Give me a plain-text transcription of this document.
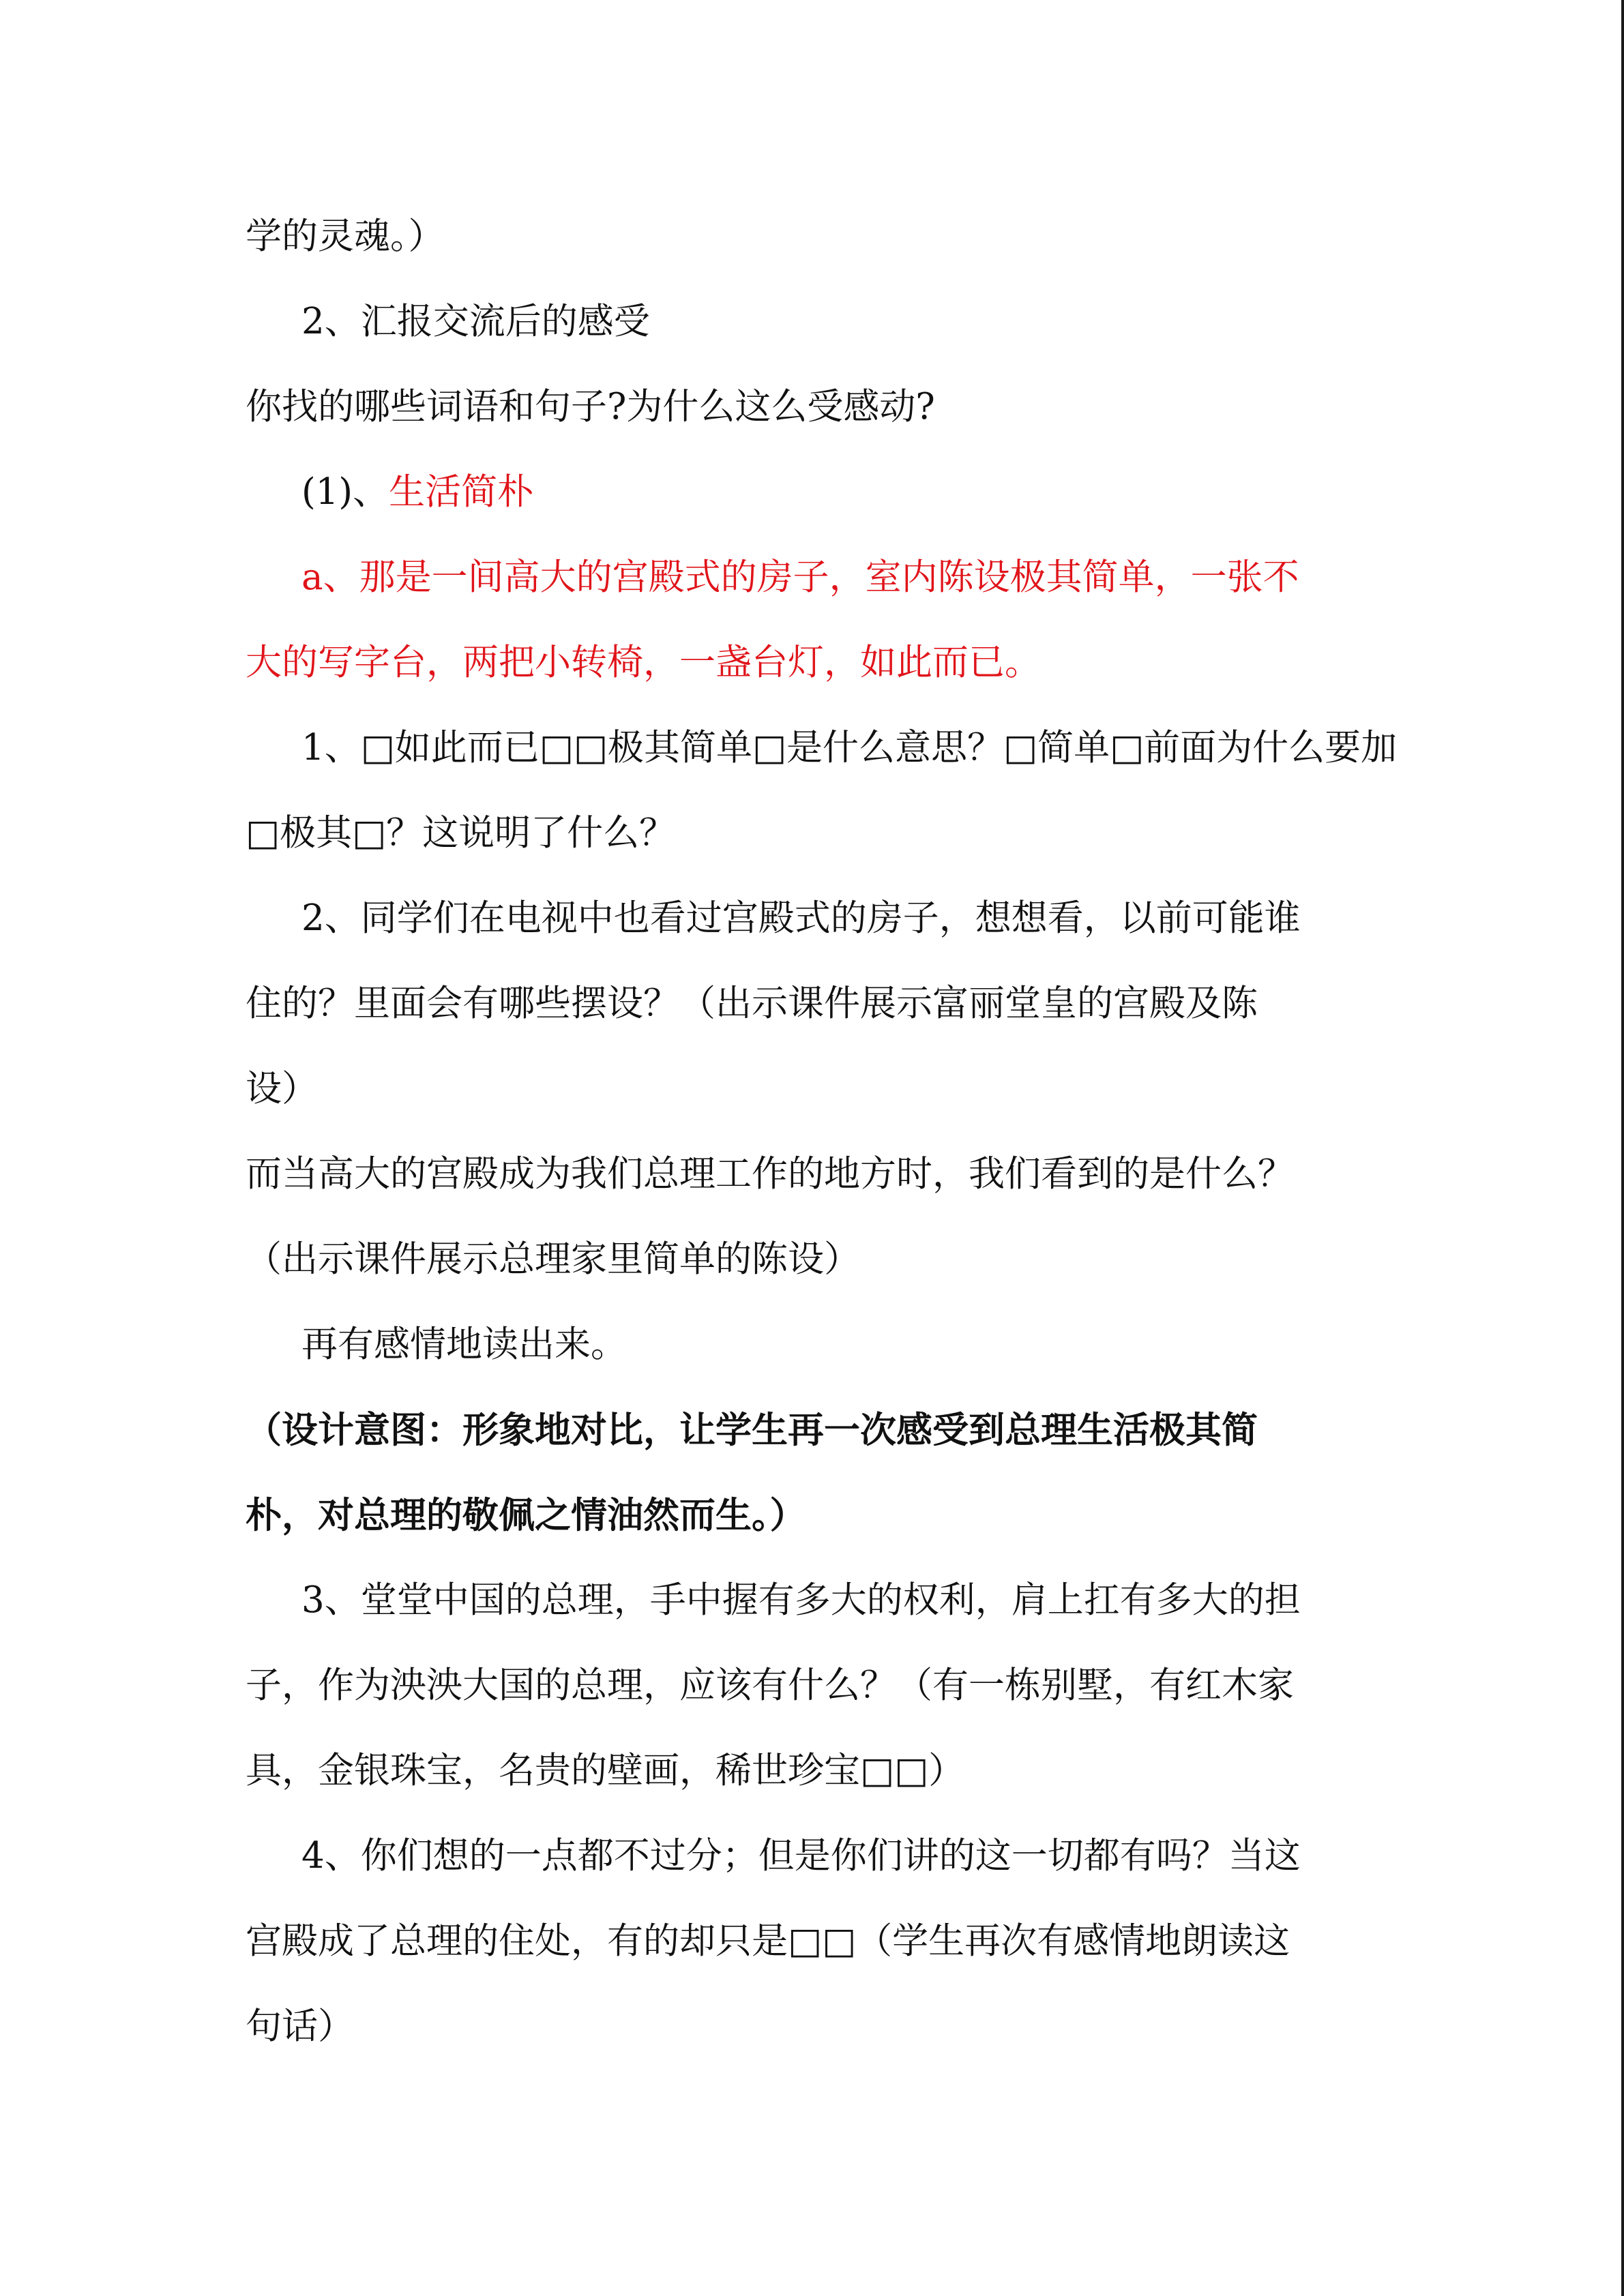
学的灵魂。）

2、汇报交流后的感受

你找的哪些词语和句子?为什么这么受感动?

(1)、生活简朴

a、那是一间高大的宫殿式的房子，室内陈设极其简单，一张不

大的写字台，两把小转椅，一盏台灯，如此而已。

1、□如此而已□□极其简单□是什么意思？□简单□前面为什么要加

□极其□？这说明了什么？

2、同学们在电视中也看过宫殿式的房子，想想看，以前可能谁

住的？里面会有哪些摆设？（出示课件展示富丽堂皇的宫殿及陈

设）

而当高大的宫殿成为我们总理工作的地方时，我们看到的是什么？

（出示课件展示总理家里简单的陈设）

再有感情地读出来。

（设计意图：形象地对比，让学生再一次感受到总理生活极其简

朴，对总理的敬佩之情油然而生。）

3、堂堂中国的总理，手中握有多大的权利，肩上扛有多大的担

子，作为泱泱大国的总理，应该有什么？（有一栋别墅，有红木家

具，金银珠宝，名贵的壁画，稀世珍宝□□）

4、你们想的一点都不过分；但是你们讲的这一切都有吗？当这

宫殿成了总理的住处，有的却只是□□（学生再次有感情地朗读这

句话）
